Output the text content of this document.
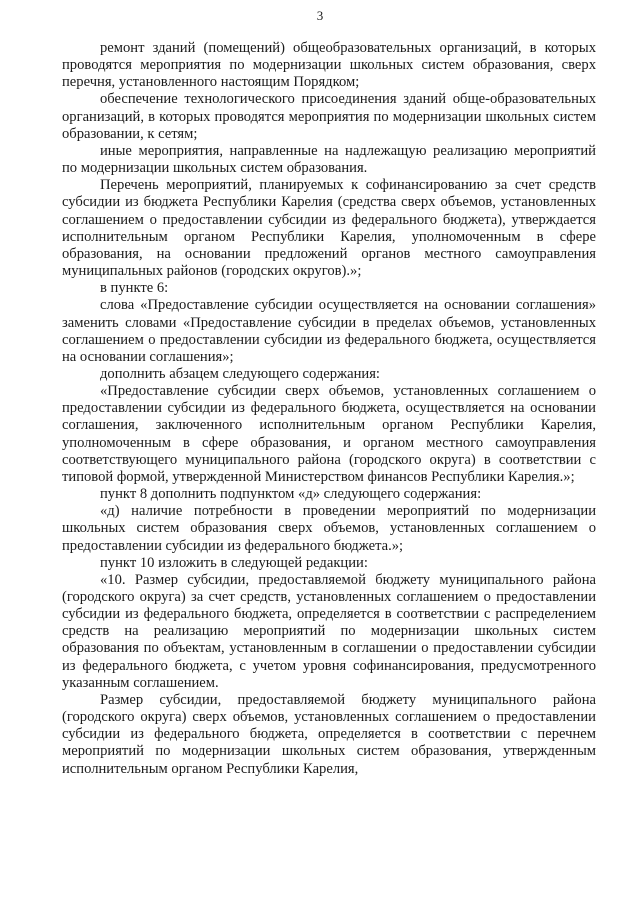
3

ремонт зданий (помещений) общеобразовательных организаций, в которых проводятся мероприятия по модернизации школьных систем образования, сверх перечня, установленного настоящим Порядком;

обеспечение технологического присоединения зданий обще-образовательных организаций, в которых проводятся мероприятия по модернизации школьных систем образовании, к сетям;

иные мероприятия, направленные на надлежащую реализацию мероприятий по модернизации школьных систем образования.

Перечень мероприятий, планируемых к софинансированию за счет средств субсидии из бюджета Республики Карелия (средства сверх объемов, установленных соглашением о предоставлении субсидии из федерального бюджета), утверждается исполнительным органом Республики Карелия, уполномоченным в сфере образования, на основании предложений органов местного самоуправления муниципальных районов (городских округов).»;

в пункте 6:

слова «Предоставление субсидии осуществляется на основании соглашения» заменить словами «Предоставление субсидии в пределах объемов, установленных соглашением о предоставлении субсидии из федерального бюджета, осуществляется на основании соглашения»;

дополнить абзацем следующего содержания:

«Предоставление субсидии сверх объемов, установленных соглашением о предоставлении субсидии из федерального бюджета, осуществляется на основании соглашения, заключенного исполнительным органом Республики Карелия, уполномоченным в сфере образования, и органом местного самоуправления соответствующего муниципального района (городского округа) в соответствии с типовой формой, утвержденной Министерством финансов Республики Карелия.»;

пункт 8 дополнить подпунктом «д» следующего содержания:

«д) наличие потребности в проведении мероприятий по модернизации школьных систем образования сверх объемов, установленных соглашением о предоставлении субсидии из федерального бюджета.»;

пункт 10 изложить в следующей редакции:

«10. Размер субсидии, предоставляемой бюджету муниципального района (городского округа) за счет средств, установленных соглашением о предоставлении субсидии из федерального бюджета, определяется в соответствии с распределением средств на реализацию мероприятий по модернизации школьных систем образования по объектам, установленным в соглашении о предоставлении субсидии из федерального бюджета, с учетом уровня софинансирования, предусмотренного указанным соглашением.

Размер субсидии, предоставляемой бюджету муниципального района (городского округа) сверх объемов, установленных соглашением о предоставлении субсидии из федерального бюджета, определяется в соответствии с перечнем мероприятий по модернизации школьных систем образования, утвержденным исполнительным органом Республики Карелия,
